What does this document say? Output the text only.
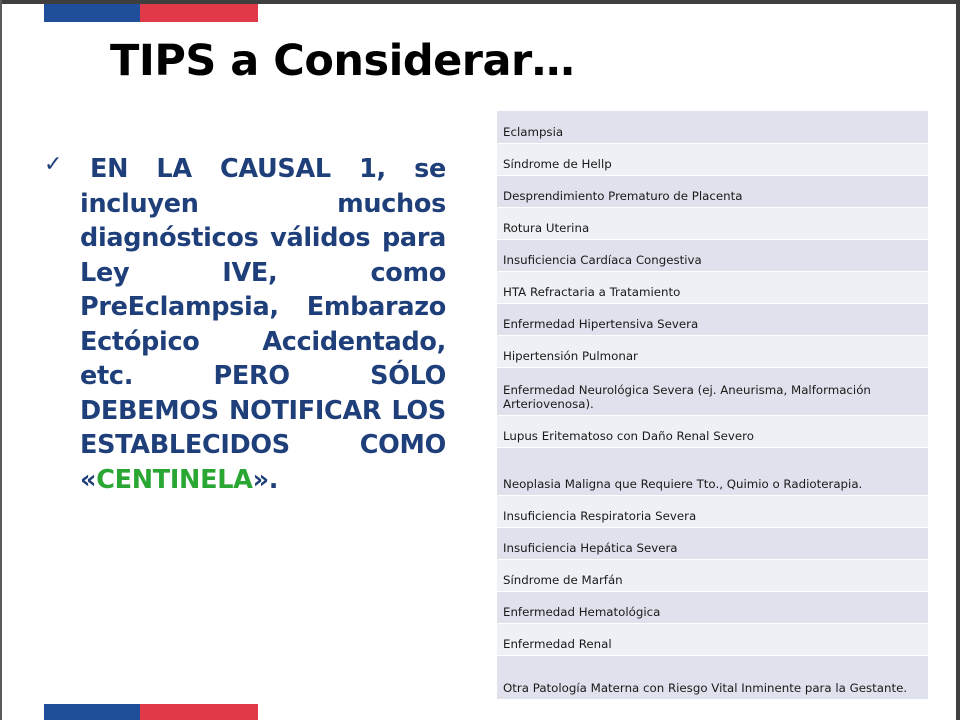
TIPS a Considerar…
✓	EN LA CAUSAL 1, se incluyen muchos diagnósticos válidos para Ley IVE, como PreEclampsia, Embarazo Ectópico Accidentado, etc. PERO SÓLO DEBEMOS NOTIFICAR LOS ESTABLECIDOS COMO «CENTINELA».
Eclampsia
Síndrome de Hellp
Desprendimiento Prematuro de Placenta
Rotura Uterina
Insuficiencia Cardíaca Congestiva
HTA Refractaria a Tratamiento
Enfermedad Hipertensiva Severa
Hipertensión Pulmonar
Enfermedad Neurológica Severa (ej. Aneurisma, Malformación Arteriovenosa).
Lupus Eritematoso con Daño Renal Severo
Neoplasia Maligna que Requiere Tto., Quimio o Radioterapia.
Insuficiencia Respiratoria Severa
Insuficiencia Hepática Severa
Síndrome de Marfán
Enfermedad Hematológica
Enfermedad Renal
Otra Patología Materna con Riesgo Vital Inminente para la Gestante.
